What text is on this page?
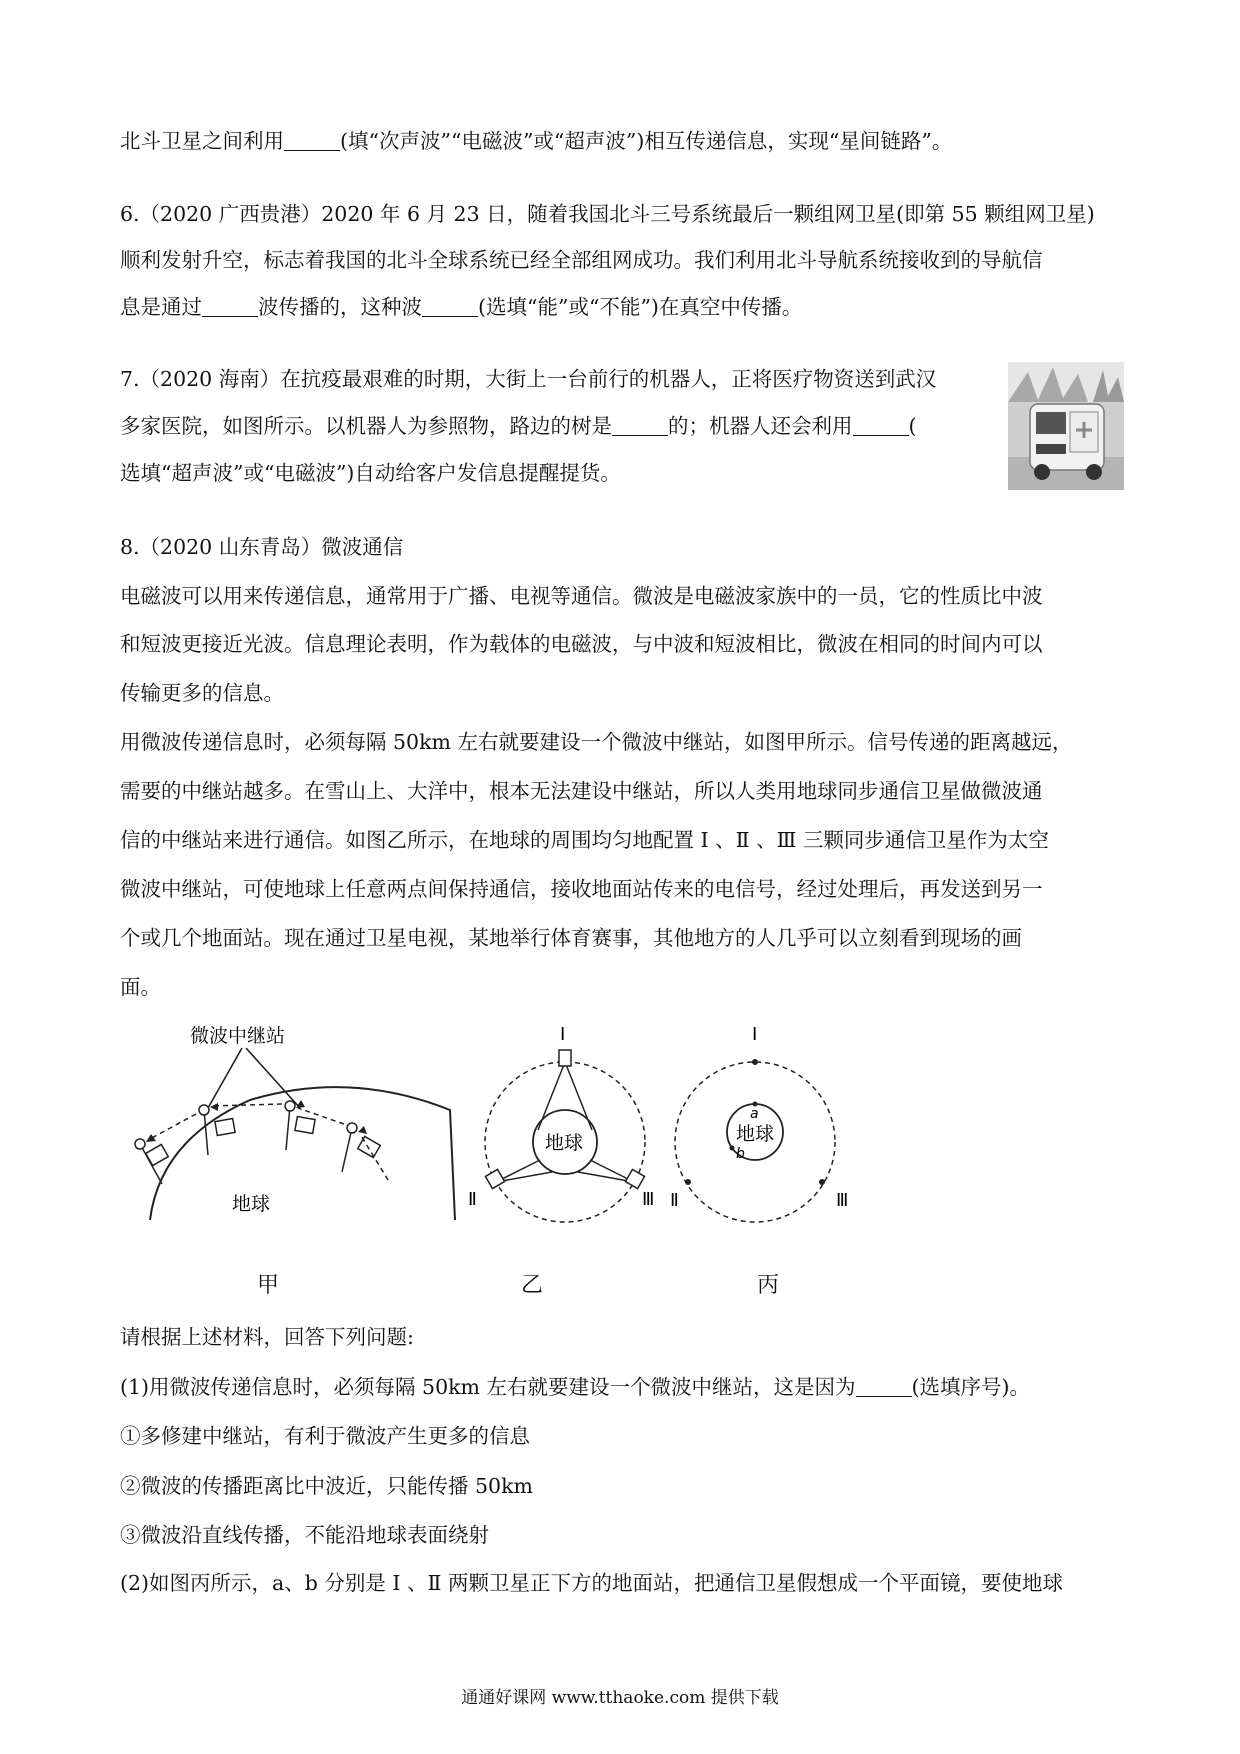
北斗卫星之间利用	(填“次声波”“电磁波”或“超声波”)相互传递信息，实现“星间链路”。
6.（2020 广西贵港）2020 年 6 月 23 日，随着我国北斗三号系统最后一颗组网卫星(即第 55 颗组网卫星)
顺利发射升空，标志着我国的北斗全球系统已经全部组网成功。我们利用北斗导航系统接收到的导航信
息是通过	波传播的，这种波	(选填“能”或“不能”)在真空中传播。
7.（2020 海南）在抗疫最艰难的时期，大街上一台前行的机器人，正将医疗物资送到武汉
多家医院，如图所示。以机器人为参照物，路边的树是	的；机器人还会利用	(
选填“超声波”或“电磁波”)自动给客户发信息提醒提货。
8.（2020 山东青岛）微波通信
电磁波可以用来传递信息，通常用于广播、电视等通信。微波是电磁波家族中的一员，它的性质比中波
和短波更接近光波。信息理论表明，作为载体的电磁波，与中波和短波相比，微波在相同的时间内可以
传输更多的信息。
用微波传递信息时，必须每隔 50km 左右就要建设一个微波中继站，如图甲所示。信号传递的距离越远，
需要的中继站越多。在雪山上、大洋中，根本无法建设中继站，所以人类用地球同步通信卫星做微波通
信的中继站来进行通信。如图乙所示，在地球的周围均匀地配置 Ⅰ 、Ⅱ 、Ⅲ 三颗同步通信卫星作为太空
微波中继站，可使地球上任意两点间保持通信，接收地面站传来的电信号，经过处理后，再发送到另一
个或几个地面站。现在通过卫星电视，某地举行体育赛事，其他地方的人几乎可以立刻看到现场的画
面。
微波中继站
地球
地球
Ⅰ
Ⅱ	Ⅲ
地球
a
b
Ⅰ
Ⅱ	Ⅲ
甲	乙	丙
请根据上述材料，回答下列问题:
(1)用微波传递信息时，必须每隔 50km 左右就要建设一个微波中继站，这是因为	(选填序号)。
①多修建中继站，有利于微波产生更多的信息
②微波的传播距离比中波近，只能传播 50km
③微波沿直线传播，不能沿地球表面绕射
(2)如图丙所示，a、b 分别是 Ⅰ 、Ⅱ 两颗卫星正下方的地面站，把通信卫星假想成一个平面镜，要使地球
通通好课网 www.tthaoke.com 提供下载
